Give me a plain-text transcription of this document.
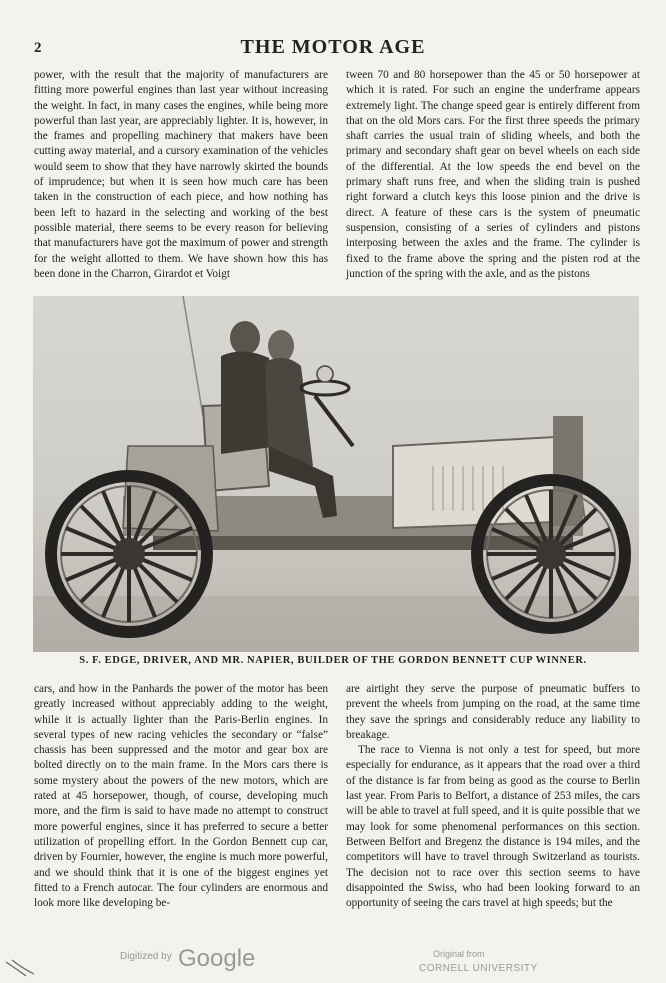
2	THE MOTOR AGE

power, with the result that the majority of manufacturers are fitting more powerful engines than last year without increasing the weight. In fact, in many cases the engines, while being more powerful than last year, are appreciably lighter. It is, however, in the frames and propelling machinery that makers have been cutting away material, and a cursory examination of the vehicles would seem to show that they have narrowly skirted the bounds of imprudence; but when it is seen how much care has been taken in the construction of each piece, and how nothing has been left to hazard in the selecting and working of the best possible material, there seems to be every reason for believing that manufacturers have got the maximum of power and strength for the weight allotted to them. We have shown how this has been done in the Charron, Girardot et Voigt

tween 70 and 80 horsepower than the 45 or 50 horsepower at which it is rated. For such an engine the underframe appears extremely light. The change speed gear is entirely different from that on the old Mors cars. For the first three speeds the primary shaft carries the usual train of sliding wheels, and both the primary and secondary shaft gear on bevel wheels on each side of the differential. At the low speeds the end bevel on the primary shaft runs free, and when the sliding train is pushed right forward a clutch keys this loose pinion and the drive is direct. A feature of these cars is the system of pneumatic suspension, consisting of a series of cylinders and pistons interposing between the axles and the frame. The cylinder is fixed to the frame above the spring and the pisten rod at the junction of the spring with the axle, and as the pistons

S. F. EDGE, DRIVER, AND MR. NAPIER, BUILDER OF THE GORDON BENNETT CUP WINNER.

cars, and how in the Panhards the power of the motor has been greatly increased without appreciably adding to the weight, while it is actually lighter than the Paris-Berlin engines. In several types of new racing vehicles the secondary or “false” chassis has been suppressed and the motor and gear box are bolted directly on to the main frame. In the Mors cars there is some mystery about the powers of the new motors, which are rated at 45 horsepower, though, of course, developing much more, and the firm is said to have made no attempt to construct more powerful engines, since it has preferred to secure a better utilization of propelling effort. In the Gordon Bennett cup car, driven by Fournier, however, the engine is much more powerful, and we should think that it is one of the biggest engines yet fitted to a French autocar. The four cylinders are enormous and look more like developing be-

are airtight they serve the purpose of pneumatic buffers to prevent the wheels from jumping on the road, at the same time they save the springs and considerably reduce any liability to breakage.

The race to Vienna is not only a test for speed, but more especially for endurance, as it appears that the road over a third of the distance is far from being as good as the course to Berlin last year. From Paris to Belfort, a distance of 253 miles, the cars will be able to travel at full speed, and it is quite possible that we may look for some phenomenal performances on this section. Between Belfort and Bregenz the distance is 194 miles, and the competitors will have to travel through Switzerland as tourists. The decision not to race over this section seems to have disappointed the Swiss, who had been looking forward to an opportunity of seeing the cars travel at high speeds; but the

Digitized by Google	Original from
CORNELL UNIVERSITY
